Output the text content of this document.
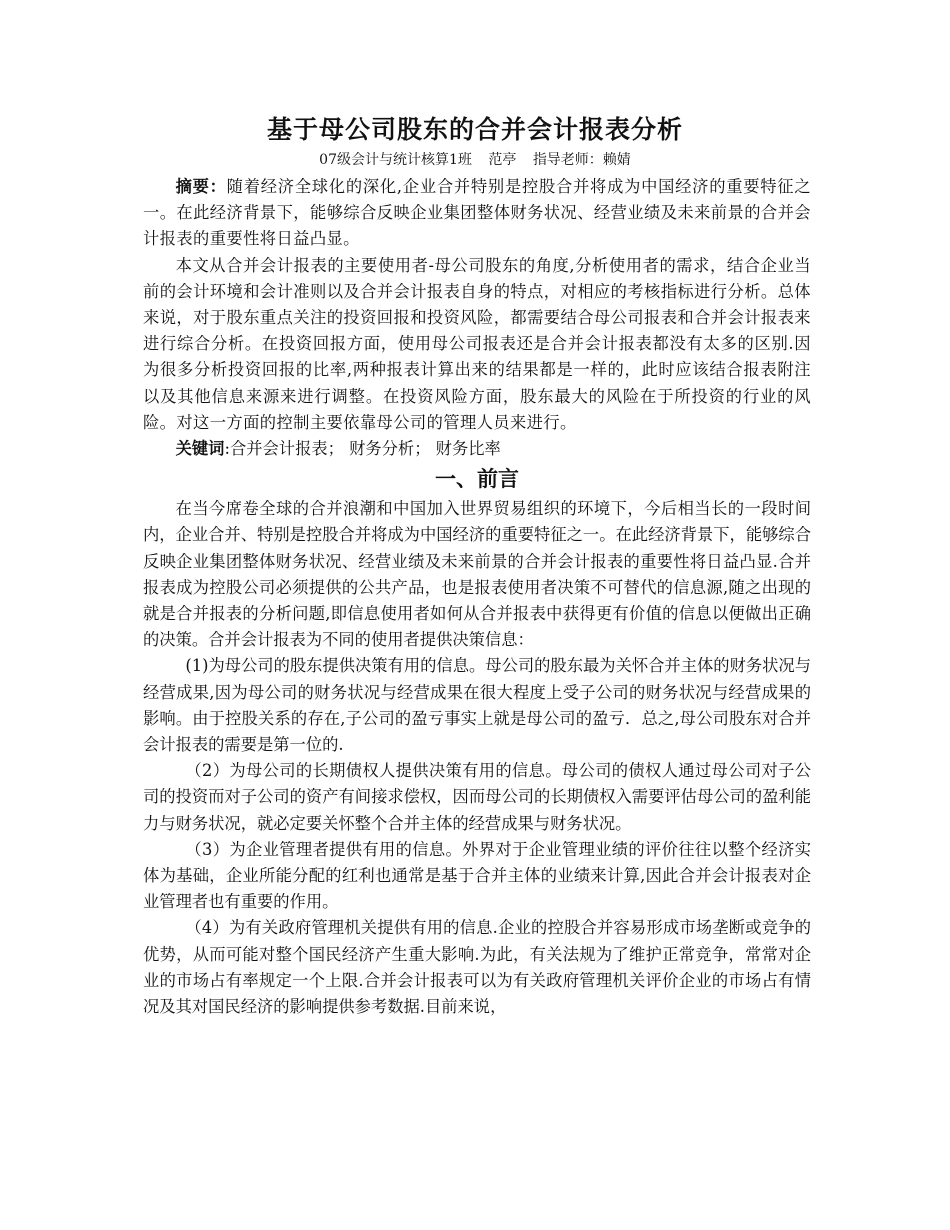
基于母公司股东的合并会计报表分析
07级会计与统计核算1班 范亭 指导老师：赖婧

摘要：随着经济全球化的深化,企业合并特别是控股合并将成为中国经济的重要特征之一。在此经济背景下，能够综合反映企业集团整体财务状况、经营业绩及未来前景的合并会计报表的重要性将日益凸显。

本文从合并会计报表的主要使用者-母公司股东的角度,分析使用者的需求，结合企业当前的会计环境和会计准则以及合并会计报表自身的特点，对相应的考核指标进行分析。总体来说，对于股东重点关注的投资回报和投资风险，都需要结合母公司报表和合并会计报表来进行综合分析。在投资回报方面，使用母公司报表还是合并会计报表都没有太多的区别.因为很多分析投资回报的比率,两种报表计算出来的结果都是一样的，此时应该结合报表附注以及其他信息来源来进行调整。在投资风险方面，股东最大的风险在于所投资的行业的风险。对这一方面的控制主要依靠母公司的管理人员来进行。

关键词:合并会计报表； 财务分析； 财务比率

一、前言

在当今席卷全球的合并浪潮和中国加入世界贸易组织的环境下，今后相当长的一段时间内，企业合并、特别是控股合并将成为中国经济的重要特征之一。在此经济背景下，能够综合反映企业集团整体财务状况、经营业绩及未来前景的合并会计报表的重要性将日益凸显.合并报表成为控股公司必须提供的公共产品，也是报表使用者决策不可替代的信息源,随之出现的就是合并报表的分析问题,即信息使用者如何从合并报表中获得更有价值的信息以便做出正确的决策。合并会计报表为不同的使用者提供决策信息：

(1)为母公司的股东提供决策有用的信息。母公司的股东最为关怀合并主体的财务状况与经营成果,因为母公司的财务状况与经营成果在很大程度上受子公司的财务状况与经营成果的影响。由于控股关系的存在,子公司的盈亏事实上就是母公司的盈亏．总之,母公司股东对合并会计报表的需要是第一位的.

（2）为母公司的长期债权人提供决策有用的信息。母公司的债权人通过母公司对子公司的投资而对子公司的资产有间接求偿权，因而母公司的长期债权入需要评估母公司的盈利能力与财务状况，就必定要关怀整个合并主体的经营成果与财务状况。

（3）为企业管理者提供有用的信息。外界对于企业管理业绩的评价往往以整个经济实体为基础，企业所能分配的红利也通常是基于合并主体的业绩来计算,因此合并会计报表对企业管理者也有重要的作用。

（4）为有关政府管理机关提供有用的信息.企业的控股合并容易形成市场垄断或竞争的优势，从而可能对整个国民经济产生重大影响.为此，有关法规为了维护正常竞争，常常对企业的市场占有率规定一个上限.合并会计报表可以为有关政府管理机关评价企业的市场占有情况及其对国民经济的影响提供参考数据.目前来说，
